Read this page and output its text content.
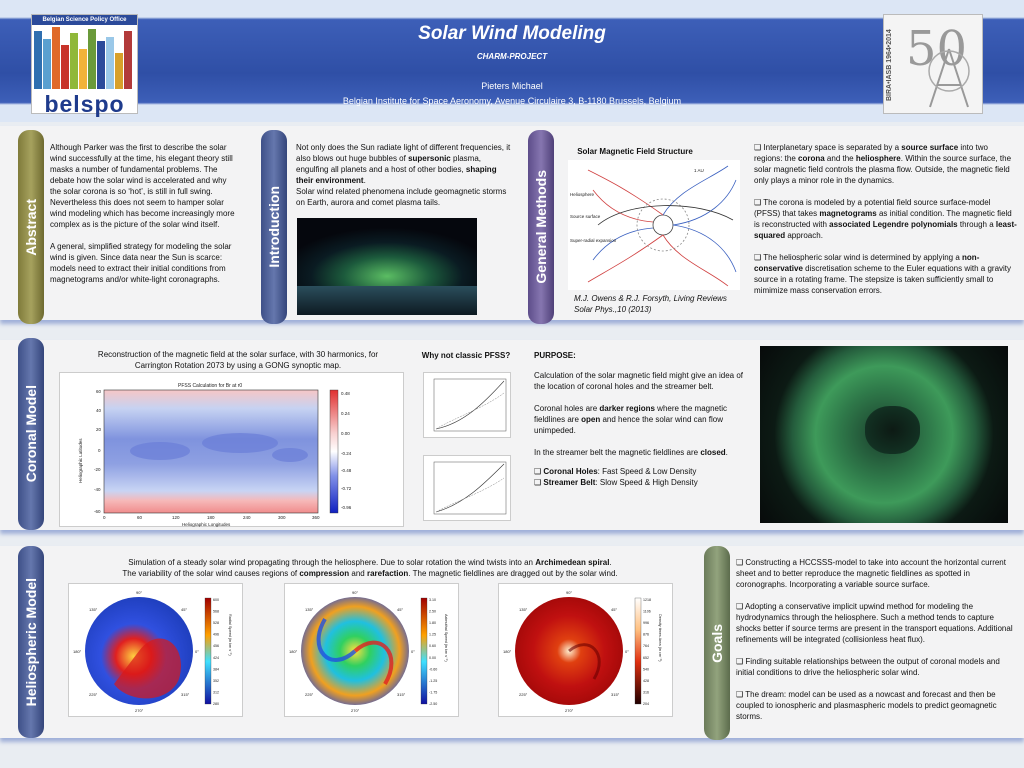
Belgian Science Policy Office
belspo
Solar Wind Modeling
CHARM-PROJECT
Pieters Michael
Belgian Institute for Space Aeronomy, Avenue Circulaire 3, B-1180 Brussels, Belgium
BIRA•IASB 1964•2014 50
Abstract

Although Parker was the first to describe the solar wind successfully at the time, his elegant theory still masks a number of fundamental problems. The debate how the solar wind is accelerated and why the solar corona is so ‘hot’, is still in full swing. Nevertheless this does not seem to hamper solar wind modeling which has become increasingly more complex as is the picture of the solar wind itself.

A general, simplified strategy for modeling the solar wind is given. Since data near the Sun is scarce: models need to extract their initial conditions from magnetograms and/or white-light coronagraphs.

Introduction
Not only does the Sun radiate light of different frequencies, it also blows out huge bubbles of supersonic plasma, engulfing all planets and a host of other bodies, shaping their environment.
Solar wind related phenomena include geomagnetic storms on Earth, aurora and comet plasma tails.	General Methods
Solar Magnetic Field Structure
Heliosphere
Source surface
Super-radial expansion
1 AU
M.J. Owens & R.J. Forsyth, Living Reviews
Solar Phys.,10 (2013)

❑ Interplanetary space is separated by a source surface into two regions: the corona and the heliosphere. Within the source surface, the solar magnetic field controls the plasma flow. Outside, the magnetic field only plays a minor role in the dynamics.

❑ The corona is modeled by a potential field source surface-model (PFSS) that takes magnetograms as initial condition. The magnetic field is reconstructed with associated Legendre polynomials through a least-squared approach.

❑ The heliospheric solar wind is determined by applying a non-conservative discretisation scheme to the Euler equations with a gravity source in a rotating frame. The stepsize is taken sufficiently small to mimimize mass conservation errors.

Coronal Model
Reconstruction of the magnetic field at the solar surface, with 30 harmonics, for Carrington Rotation 2073 by using a GONG synoptic map.
PFSS Calculation for Br at r0
60
40
20
0
-20
-40
-60
0	60	120	180	240	300	360
Heliographic Longitudes
Heliographic Latitudes
0.48
0.24
0.00
-0.24
-0.48
-0.72
-0.96
Why not classic PFSS?	PURPOSE:

Calculation of the solar magnetic field might give an idea of the location of coronal holes and the streamer belt.

Coronal holes are darker regions where the magnetic fieldlines are open and hence the solar wind can flow unimpeded.

In the streamer belt the magnetic fieldlines are closed.

❑ Coronal Holes: Fast Speed & Low Density
❑ Streamer Belt: Slow Speed & High Density
Heliospheric Model
Simulation of a steady solar wind propagating through the heliosphere. Due to solar rotation the wind twists into an Archimedean spiral.
The variability of the solar wind causes regions of compression and rarefaction. The magnetic fieldlines are dragged out by the solar wind.
90°
45°
0°
315°
270°
225°
180°
135°
600
568
528
496
456
424
384
352
312
280
Radial Speed (in km s⁻¹)
90°
45°
0°
315°
270°
225°
180°
135°
3.10
2.50
1.80
1.25
0.60
0.00
-0.60
-1.25
-1.75
-2.50
Azimuthal Speed (in km s⁻¹)
90°
45°
0°
315°
270°
225°
180°
135°
1218
1106
996
876
764
652
540
428
316
204
Density times Area (in cm⁻³)	Goals

❑ Constructing a HCCSSS-model to take into account the horizontal current sheet and to better reproduce the magnetic fieldlines as spotted in coronographs. Incorporating a variable source surface.

❑ Adopting a conservative implicit upwind method for modeling the hydrodynamics through the heliosphere. Such a method tends to capture shocks better if source terms are present in the transport equations. Additional refinements will be integrated (collisionless heat flux).

❑ Finding suitable relationships between the output of coronal models and initial conditions to drive the heliospheric solar wind.

❑ The dream: model can be used as a nowcast and forecast and then be coupled to ionospheric and plasmaspheric models to predict geomagnetic storms.
